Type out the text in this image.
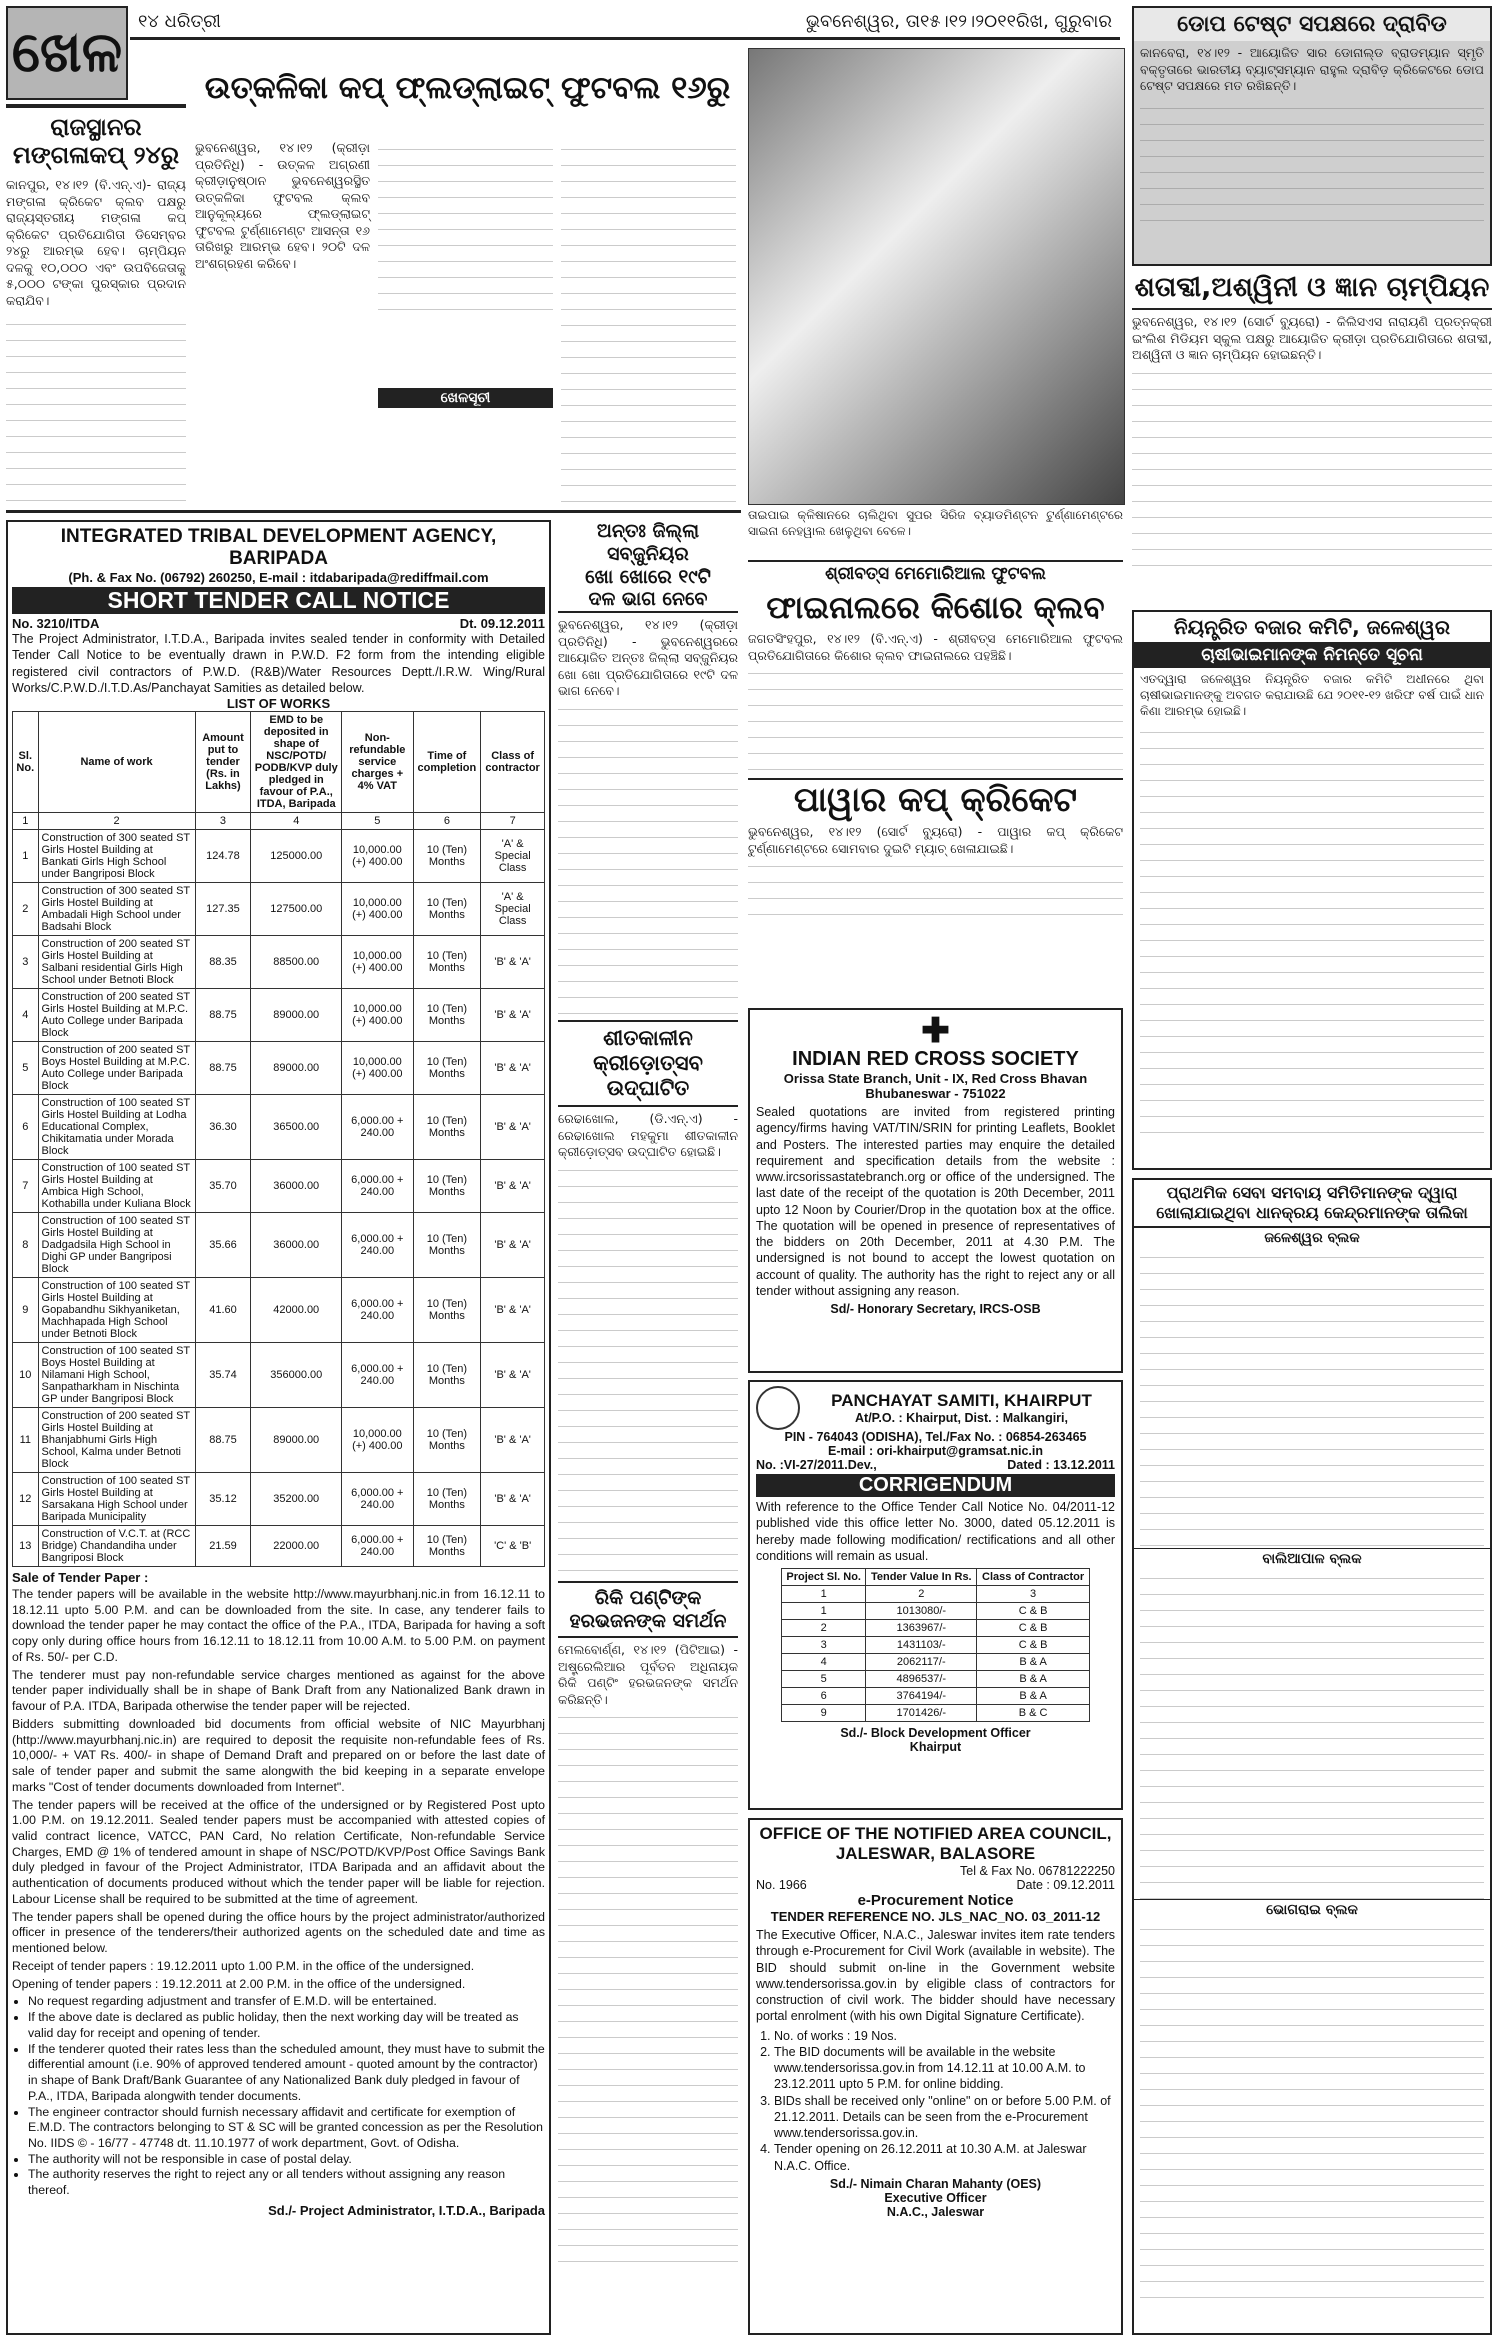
ଖେଳ ୧୪ ଧରିତ୍ରୀ	ଭୁବନେଶ୍ୱର, ତା୧୫।୧୨।୨୦୧୧ରିଖ, ଗୁରୁବାର
ରାଜସ୍ଥାନର
ମଙ୍ଗଳାକପ୍ ୨୪ରୁ
କାନପୁର, ୧୪।୧୨ (ବି.ଏନ୍.ଏ)- ରାଜ୍ୟ ମଙ୍ଗଳା କ୍ରିକେଟ କ୍ଲବ ପକ୍ଷରୁ ରାଜ୍ୟସ୍ତରୀୟ ମଙ୍ଗଳା କପ୍ କ୍ରିକେଟ ପ୍ରତିଯୋଗିତା ଡିସେମ୍ବର ୨୪ରୁ ଆରମ୍ଭ ହେବ। ଚାମ୍ପିୟନ ଦଳକୁ ୧୦,୦୦୦ ଏବଂ ଉପବିଜେତାକୁ ୫,୦୦୦ ଟଙ୍କା ପୁରସ୍କାର ପ୍ରଦାନ କରାଯିବ।
ଉତ୍କଳିକା କପ୍ ଫ୍ଲଡ୍‌ଲାଇଟ୍ ଫୁଟବଲ ୧୬ରୁ
ଭୁବନେଶ୍ୱର, ୧୪।୧୨ (କ୍ରୀଡ଼ା ପ୍ରତିନିଧି) - ଉତ୍କଳ ଅଗ୍ରଣୀ କ୍ରୀଡ଼ାନୁଷ୍ଠାନ ଭୁବନେଶ୍ୱରସ୍ଥିତ ଉତ୍କଳିକା ଫୁଟବଲ କ୍ଲବ ଆନୁକୂଲ୍ୟରେ ଫ୍ଲଡ୍‌ଲାଇଟ୍ ଫୁଟବଲ ଟୁର୍ଣ୍ଣାମେଣ୍ଟ ଆସନ୍ତା ୧୬ ତାରିଖରୁ ଆରମ୍ଭ ହେବ। ୨୦ଟି ଦଳ ଅଂଶଗ୍ରହଣ କରିବେ।
ଖେଳସୂଚୀ
ତାଇପାଇ କ୍ଳିଷାନରେ ଚାଲିଥିବା ସୁପର ସିରିଜ ବ୍ୟାଡମିଣ୍ଟନ ଟୁର୍ଣ୍ଣାମେଣ୍ଟରେ ସାଇନା ନେହୱାଲ ଖେଳୁଥିବା ବେଳେ।
ଡୋପ ଟେଷ୍ଟ ସପକ୍ଷରେ ଦ୍ରାବିଡ
କାନବେରା, ୧୪।୧୨ - ଆୟୋଜିତ ସାର ଡୋନାଲ୍ଡ ବ୍ରାଡମ୍ୟାନ ସ୍ମୃତି ବକ୍ତୃତାରେ ଭାରତୀୟ ବ୍ୟାଟ୍ସମ୍ୟାନ ରାହୁଲ ଦ୍ରାବିଡ଼ କ୍ରିକେଟରେ ଡୋପ ଟେଷ୍ଟ ସପକ୍ଷରେ ମତ ରଖିଛନ୍ତି।
ଶତାବ୍ଦୀ,ଅଶ୍ୱିନୀ ଓ ଜ୍ଞାନ ଚାମ୍ପିୟନ
ଭୁବନେଶ୍ୱର, ୧୪।୧୨ (ସୋର୍ଟ ବ୍ୟୁରୋ) - କିଲିସଏସ ନାରାୟଣି ପ୍ରତ୍ନକ୍ରୀ ଇଂଲିଶ ମିଡିୟମ ସ୍କୁଲ ପକ୍ଷରୁ ଆୟୋଜିତ କ୍ରୀଡ଼ା ପ୍ରତିଯୋଗିତାରେ ଶତାବ୍ଦୀ, ଅଶ୍ୱିନୀ ଓ ଜ୍ଞାନ ଚାମ୍ପିୟନ ହୋଇଛନ୍ତି।
INTEGRATED TRIBAL DEVELOPMENT AGENCY, BARIPADA
(Ph. & Fax No. (06792) 260250, E-mail : itdabaripada@rediffmail.com
SHORT TENDER CALL NOTICE
No. 3210/ITDA	Dt. 09.12.2011
The Project Administrator, I.T.D.A., Baripada invites sealed tender in conformity with Detailed Tender Call Notice to be eventually drawn in P.W.D. F2 form from the intending eligible registered civil contractors of P.W.D. (R&B)/Water Resources Deptt./I.R.W. Wing/Rural Works/C.P.W.D./I.T.D.As/Panchayat Samities as detailed below.
LIST OF WORKS
Sl. No.	Name of work	Amount put to tender (Rs. in Lakhs)	EMD to be deposited in shape of NSC/POTD/ PODB/KVP duly pledged in favour of P.A., ITDA, Baripada	Non-refundable service charges + 4% VAT	Time of completion	Class of contractor
1	2	3	4	5	6	7
1	Construction of 300 seated ST Girls Hostel Building at Bankati Girls High School under Bangriposi Block	124.78	125000.00	10,000.00 (+) 400.00	10 (Ten) Months	'A' & Special Class
2	Construction of 300 seated ST Girls Hostel Building at Ambadali High School under Badsahi Block	127.35	127500.00	10,000.00 (+) 400.00	10 (Ten) Months	'A' & Special Class
3	Construction of 200 seated ST Girls Hostel Building at Salbani residential Girls High School under Betnoti Block	88.35	88500.00	10,000.00 (+) 400.00	10 (Ten) Months	'B' & 'A'
4	Construction of 200 seated ST Girls Hostel Building at M.P.C. Auto College under Baripada Block	88.75	89000.00	10,000.00 (+) 400.00	10 (Ten) Months	'B' & 'A'
5	Construction of 200 seated ST Boys Hostel Building at M.P.C. Auto College under Baripada Block	88.75	89000.00	10,000.00 (+) 400.00	10 (Ten) Months	'B' & 'A'
6	Construction of 100 seated ST Girls Hostel Building at Lodha Educational Complex, Chikitamatia under Morada Block	36.30	36500.00	6,000.00 + 240.00	10 (Ten) Months	'B' & 'A'
7	Construction of 100 seated ST Girls Hostel Building at Ambica High School, Kothabilla under Kuliana Block	35.70	36000.00	6,000.00 + 240.00	10 (Ten) Months	'B' & 'A'
8	Construction of 100 seated ST Girls Hostel Building at Dadgadsila High School in Dighi GP under Bangriposi Block	35.66	36000.00	6,000.00 + 240.00	10 (Ten) Months	'B' & 'A'
9	Construction of 100 seated ST Girls Hostel Building at Gopabandhu Sikhyaniketan, Machhapada High School under Betnoti Block	41.60	42000.00	6,000.00 + 240.00	10 (Ten) Months	'B' & 'A'
10	Construction of 100 seated ST Boys Hostel Building at Nilamani High School, Sanpatharkham in Nischinta GP under Bangriposi Block	35.74	356000.00	6,000.00 + 240.00	10 (Ten) Months	'B' & 'A'
11	Construction of 200 seated ST Girls Hostel Building at Bhanjabhumi Girls High School, Kalma under Betnoti Block	88.75	89000.00	10,000.00 (+) 400.00	10 (Ten) Months	'B' & 'A'
12	Construction of 100 seated ST Girls Hostel Building at Sarsakana High School under Baripada Municipality	35.12	35200.00	6,000.00 + 240.00	10 (Ten) Months	'B' & 'A'
13	Construction of V.C.T. at (RCC Bridge) Chandandiha under Bangriposi Block	21.59	22000.00	6,000.00 + 240.00	10 (Ten) Months	'C' & 'B'
Sale of Tender Paper :
The tender papers will be available in the website http://www.mayurbhanj.nic.in from 16.12.11 to 18.12.11 upto 5.00 P.M. and can be downloaded from the site. In case, any tenderer fails to download the tender paper he may contact the office of the P.A., ITDA, Baripada for having a soft copy only during office hours from 16.12.11 to 18.12.11 from 10.00 A.M. to 5.00 P.M. on payment of Rs. 50/- per C.D.
The tenderer must pay non-refundable service charges mentioned as against for the above tender paper individually shall be in shape of Bank Draft from any Nationalized Bank drawn in favour of P.A. ITDA, Baripada otherwise the tender paper will be rejected.
Bidders submitting downloaded bid documents from official website of NIC Mayurbhanj (http://www.mayurbhanj.nic.in) are required to deposit the requisite non-refundable fees of Rs. 10,000/- + VAT Rs. 400/- in shape of Demand Draft and prepared on or before the last date of sale of tender paper and submit the same alongwith the bid keeping in a separate envelope marks "Cost of tender documents downloaded from Internet".
The tender papers will be received at the office of the undersigned or by Registered Post upto 1.00 P.M. on 19.12.2011. Sealed tender papers must be accompanied with attested copies of valid contract licence, VATCC, PAN Card, No relation Certificate, Non-refundable Service Charges, EMD @ 1% of tendered amount in shape of NSC/POTD/KVP/Post Office Savings Bank duly pledged in favour of the Project Administrator, ITDA Baripada and an affidavit about the authentication of documents produced without which the tender paper will be liable for rejection. Labour License shall be required to be submitted at the time of agreement.
The tender papers shall be opened during the office hours by the project administrator/authorized officer in presence of the tenderers/their authorized agents on the scheduled date and time as mentioned below.
Receipt of tender papers : 19.12.2011 upto 1.00 P.M. in the office of the undersigned.
Opening of tender papers : 19.12.2011 at 2.00 P.M. in the office of the undersigned.
• No request regarding adjustment and transfer of E.M.D. will be entertained.
• If the above date is declared as public holiday, then the next working day will be treated as valid day for receipt and opening of tender.
• If the tenderer quoted their rates less than the scheduled amount, they must have to submit the differential amount (i.e. 90% of approved tendered amount - quoted amount by the contractor) in shape of Bank Draft/Bank Guarantee of any Nationalized Bank duly pledged in favour of P.A., ITDA, Baripada alongwith tender documents.
• The engineer contractor should furnish necessary affidavit and certificate for exemption of E.M.D. The contractors belonging to ST & SC will be granted concession as per the Resolution No. IIDS © - 16/77 - 47748 dt. 11.10.1977 of work department, Govt. of Odisha.
• The authority will not be responsible in case of postal delay.
• The authority reserves the right to reject any or all tenders without assigning any reason thereof.
Sd./- Project Administrator, I.T.D.A., Baripada
ଅନ୍ତଃ ଜିଲ୍ଲା ସବ୍‌ଜୁନିୟର
ଖୋ ଖୋରେ ୧୯ଟି
ଦଳ ଭାଗ ନେବେ
ଭୁବନେଶ୍ୱର, ୧୪।୧୨ (କ୍ରୀଡ଼ା ପ୍ରତିନିଧି) - ଭୁବନେଶ୍ୱରରେ ଆୟୋଜିତ ଅନ୍ତଃ ଜିଲ୍ଲା ସବ୍‌ଜୁନିୟର ଖୋ ଖୋ ପ୍ରତିଯୋଗିତାରେ ୧୯ଟି ଦଳ ଭାଗ ନେବେ।
ଶୀତକାଳୀନ
କ୍ରୀଡ଼ୋତ୍ସବ
ଉଦ୍‌ଘାଟିତ
ରେଢାଖୋଲ, (ଡି.ଏନ୍.ଏ) - ରେଢାଖୋଲ ମହକୁମା ଶୀତକାଳୀନ କ୍ରୀଡ଼ୋତ୍ସବ ଉଦ୍‌ଘାଟିତ ହୋଇଛି।
ରିକି ପଣ୍ଟିଙ୍କ
ହରଭଜନଙ୍କ ସମର୍ଥନ
ମେଲବୋର୍ଣ୍ଣ, ୧୪।୧୨ (ପିଟିଆଇ) - ଅଷ୍ଟ୍ରେଲିଆର ପୂର୍ବତନ ଅଧିନାୟକ ରିକି ପଣ୍ଟିଂ ହରଭଜନଙ୍କ ସମର୍ଥନ କରିଛନ୍ତି।
ଶ୍ରୀବତ୍ସ ମେମୋରିଆଲ ଫୁଟବଲ
ଫାଇନାଲରେ କିଶୋର କ୍ଲବ
ଜଗତସିଂହପୁର, ୧୪।୧୨ (ବି.ଏନ୍.ଏ) - ଶ୍ରୀବତ୍ସ ମେମୋରିଆଲ ଫୁଟବଲ ପ୍ରତିଯୋଗିତାରେ କିଶୋର କ୍ଲବ ଫାଇନାଲରେ ପହଞ୍ଚିଛି।
ପାୱାର କପ୍ କ୍ରିକେଟ
ଭୁବନେଶ୍ୱର, ୧୪।୧୨ (ସୋର୍ଟ ବ୍ୟୁରୋ) - ପାୱାର କପ୍ କ୍ରିକେଟ ଟୁର୍ଣ୍ଣାମେଣ୍ଟରେ ସୋମବାର ଦୁଇଟି ମ୍ୟାଚ୍ ଖେଳାଯାଇଛି।
✚
INDIAN RED CROSS SOCIETY
Orissa State Branch, Unit - IX, Red Cross Bhavan
Bhubaneswar - 751022
Sealed quotations are invited from registered printing agency/firms having VAT/TIN/SRIN for printing Leaflets, Booklet and Posters. The interested parties may enquire the detailed requirement and specification details from the website : www.ircsorissastatebranch.org or office of the undersigned. The last date of the receipt of the quotation is 20th December, 2011 upto 12 Noon by Courier/Drop in the quotation box at the office. The quotation will be opened in presence of representatives of the bidders on 20th December, 2011 at 4.30 P.M. The undersigned is not bound to accept the lowest quotation on account of quality. The authority has the right to reject any or all tender without assigning any reason.
Sd/- Honorary Secretary, IRCS-OSB
PANCHAYAT SAMITI, KHAIRPUT
At/P.O. : Khairput, Dist. : Malkangiri,
PIN - 764043 (ODISHA), Tel./Fax No. : 06854-263465
E-mail : ori-khairput@gramsat.nic.in
No. :VI-27/2011.Dev.,	Dated : 13.12.2011
CORRIGENDUM
With reference to the Office Tender Call Notice No. 04/2011-12 published vide this office letter No. 3000, dated 05.12.2011 is hereby made following modification/ rectifications and all other conditions will remain as usual.
Project Sl. No.	Tender Value In Rs.	Class of Contractor
1	2	3
1	1013080/-	C & B
2	1363967/-	C & B
3	1431103/-	C & B
4	2062117/-	B & A
5	4896537/-	B & A
6	3764194/-	B & A
9	1701426/-	B & C
Sd./- Block Development Officer
Khairput
OFFICE OF THE NOTIFIED AREA COUNCIL, JALESWAR, BALASORE
Tel & Fax No. 06781222250
No. 1966	Date : 09.12.2011
e-Procurement Notice
TENDER REFERENCE NO. JLS_NAC_NO. 03_2011-12
The Executive Officer, N.A.C., Jaleswar invites item rate tenders through e-Procurement for Civil Work (available in website). The BID should submit on-line in the Government website www.tendersorissa.gov.in by eligible class of contractors for construction of civil work. The bidder should have necessary portal enrolment (with his own Digital Signature Certificate).
1. No. of works : 19 Nos.
2. The BID documents will be available in the website www.tendersorissa.gov.in from 14.12.11 at 10.00 A.M. to 23.12.2011 upto 5 P.M. for online bidding.
3. BIDs shall be received only "online" on or before 5.00 P.M. of 21.12.2011. Details can be seen from the e-Procurement www.tendersorissa.gov.in.
4. Tender opening on 26.12.2011 at 10.30 A.M. at Jaleswar N.A.C. Office.
Sd./- Nimain Charan Mahanty (OES)
Executive Officer
N.A.C., Jaleswar
ନିୟନ୍ତ୍ରିତ ବଜାର କମିଟି, ଜଳେଶ୍ୱର
ଚାଷୀଭାଇମାନଙ୍କ ନିମନ୍ତେ ସୂଚନା
ଏତଦ୍ୱାରା ଜଳେଶ୍ୱର ନିୟନ୍ତ୍ରିତ ବଜାର କମିଟି ଅଧୀନରେ ଥିବା ଚାଷୀଭାଇମାନଙ୍କୁ ଅବଗତ କରାଯାଉଛି ଯେ ୨୦୧୧-୧୨ ଖରିଫ ବର୍ଷ ପାଇଁ ଧାନ କିଣା ଆରମ୍ଭ ହୋଇଛି।
ପ୍ରାଥମିକ ସେବା ସମବାୟ ସମିତିମାନଙ୍କ ଦ୍ୱାରା
ଖୋଲାଯାଇଥିବା ଧାନକ୍ରୟ କେନ୍ଦ୍ରମାନଙ୍କ ତାଲିକା
ଜଳେଶ୍ୱର ବ୍ଲକ
ବାଲିଆପାଳ ବ୍ଲକ
ଭୋଗରାଇ ବ୍ଲକ
